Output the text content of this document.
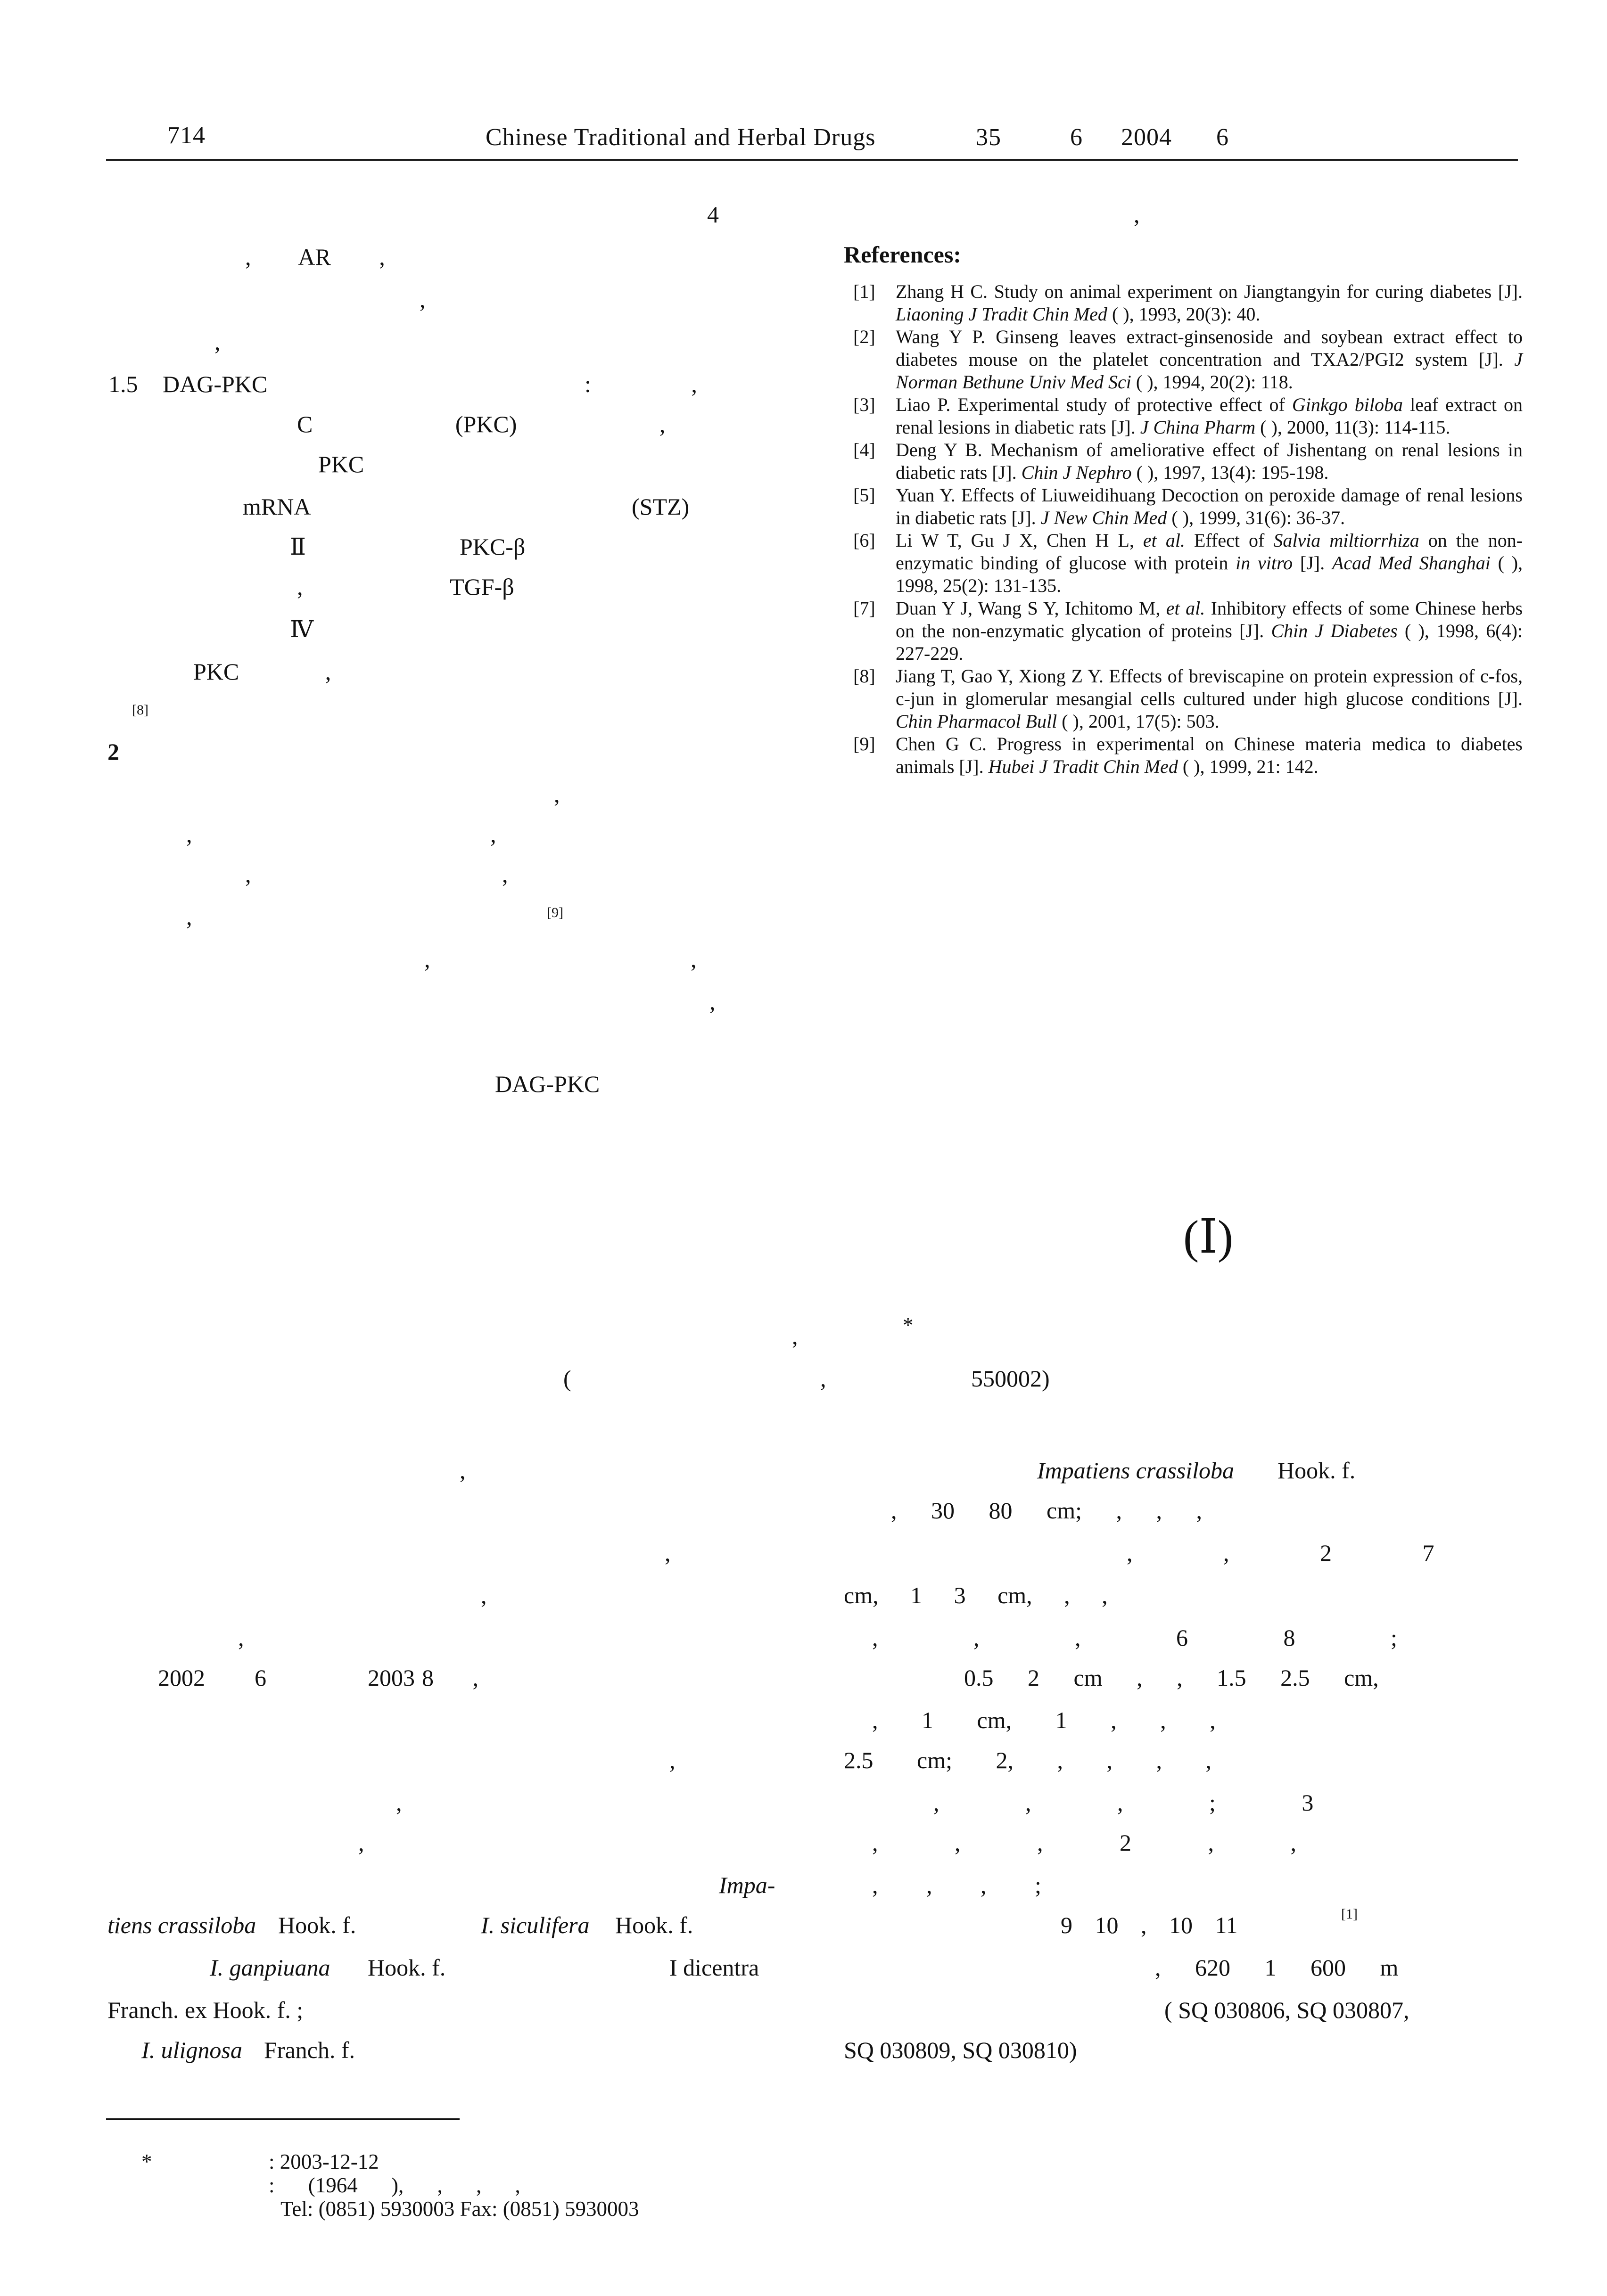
714	Chinese Traditional and Herbal Drugs	35	6 2004 6
4
, AR ,
,
,
1.5 DAG-PKC	: ,
C (PKC) ,
PKC
mRNA	(STZ)
Ⅱ	PKC-β
, TGF-β
Ⅳ
PKC ,
[8]
2
,
, ,
, ,
,	[9]
, ,
,
DAG-PKC
,
References:
[1] Zhang H C. Study on animal experiment on Jiangtangyin for curing diabetes [J]. Liaoning J Tradit Chin Med ( ), 1993, 20(3): 40.
[2] Wang Y P. Ginseng leaves extract-ginsenoside and soybean extract effect to diabetes mouse on the platelet concentration and TXA2/PGI2 system [J]. J Norman Bethune Univ Med Sci ( ), 1994, 20(2): 118.
[3] Liao P. Experimental study of protective effect of Ginkgo biloba leaf extract on renal lesions in diabetic rats [J]. J China Pharm ( ), 2000, 11(3): 114-115.
[4] Deng Y B. Mechanism of ameliorative effect of Jishentang on renal lesions in diabetic rats [J]. Chin J Nephro ( ), 1997, 13(4): 195-198.
[5] Yuan Y. Effects of Liuweidihuang Decoction on peroxide damage of renal lesions in diabetic rats [J]. J New Chin Med ( ), 1999, 31(6): 36-37.
[6] Li W T, Gu J X, Chen H L, et al. Effect of Salvia miltiorrhiza on the non-enzymatic binding of glucose with protein in vitro [J]. Acad Med Shanghai ( ), 1998, 25(2): 131-135.
[7] Duan Y J, Wang S Y, Ichitomo M, et al. Inhibitory effects of some Chinese herbs on the non-enzymatic glycation of proteins [J]. Chin J Diabetes ( ), 1998, 6(4): 227-229.
[8] Jiang T, Gao Y, Xiong Z Y. Effects of breviscapine on protein expression of c-fos, c-jun in glomerular mesangial cells cultured under high glucose conditions [J]. Chin Pharmacol Bull ( ), 2001, 17(5): 503.
[9] Chen G C. Progress in experimental on Chinese materia medica to diabetes animals [J]. Hubei J Tradit Chin Med ( ), 1999, 21: 142.
(Ⅰ)
*
,
(	,	550002)
,
,
,
,
2002 6	2003 8 ,
,
,
,
Impa-
tiens crassiloba Hook. f.	I. siculifera Hook. f.
I. ganpiuana Hook. f.	I dicentra
Franch. ex Hook. f. ;
I. ulignosa Franch. f.
Impatiens crassiloba Hook. f.
, 30 80 cm; , , ,
, , 2 7
cm, 1 3 cm, , ,
, , , 6 8 ;
0.5 2 cm , , 1.5 2.5 cm,
, 1 cm, 1 , , ,
2.5 cm; 2, , , , ,
, , , ; 3
, , , 2 , ,
, , , ;
9 10 , 10 11	[1]
, 620 1 600 m
( SQ 030806, SQ 030807,
SQ 030809, SQ 030810)
*	: 2003-12-12
: (1964 ), , , ,
Tel: (0851) 5930003 Fax: (0851) 5930003
